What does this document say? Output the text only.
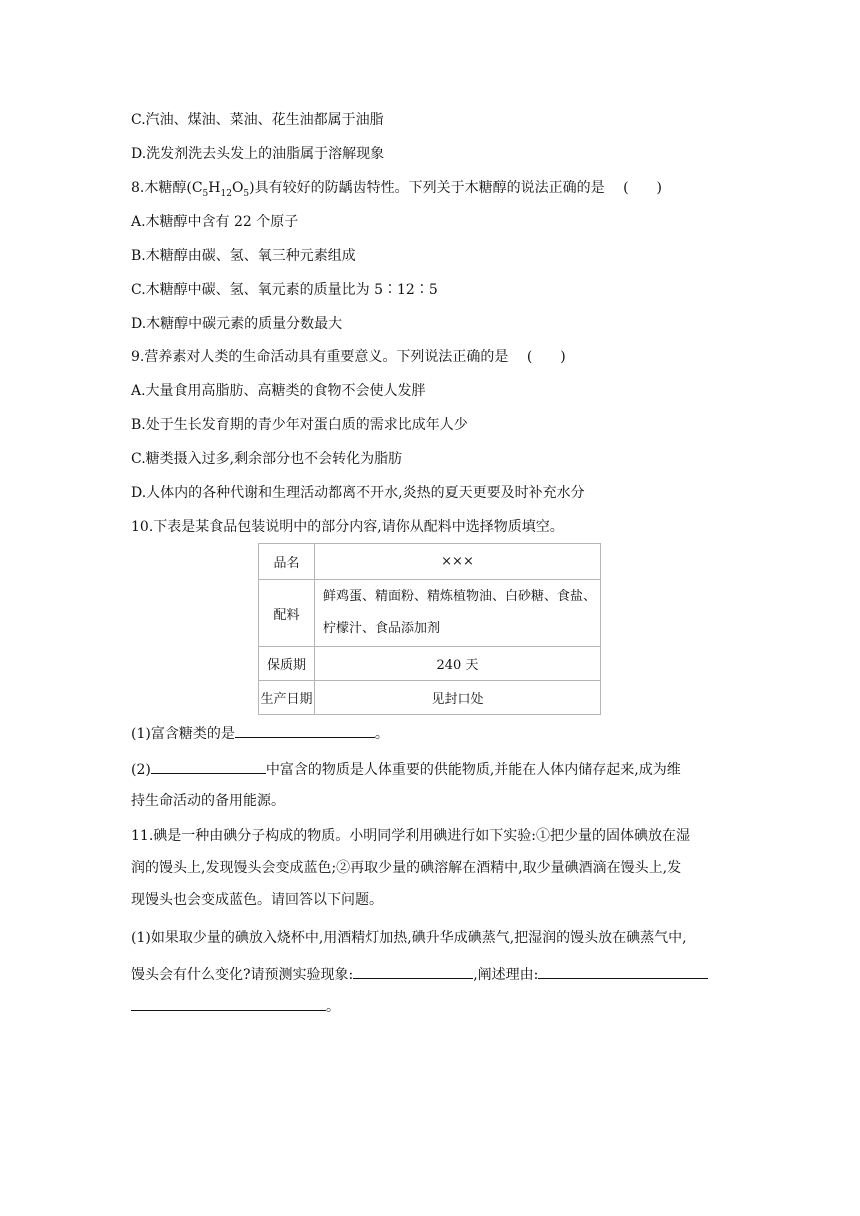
C.汽油、煤油、菜油、花生油都属于油脂
D.洗发剂洗去头发上的油脂属于溶解现象
8.木糖醇$(C_5H_{12}O_5)$具有较好的防龋齿特性。下列关于木糖醇的说法正确的是 (　　)
A.木糖醇中含有 22 个原子
B.木糖醇由碳、氢、氧三种元素组成
C.木糖醇中碳、氢、氧元素的质量比为 5∶12∶5
D.木糖醇中碳元素的质量分数最大
9.营养素对人类的生命活动具有重要意义。下列说法正确的是 (　　)
A.大量食用高脂肪、高糖类的食物不会使人发胖
B.处于生长发育期的青少年对蛋白质的需求比成年人少
C.糖类摄入过多,剩余部分也不会转化为脂肪
D.人体内的各种代谢和生理活动都离不开水,炎热的夏天更要及时补充水分
10.下表是某食品包装说明中的部分内容,请你从配料中选择物质填空。
品名	×××
配料	鲜鸡蛋、精面粉、精炼植物油、白砂糖、食盐、
柠檬汁、食品添加剂

保质期	240 天
生产日期	见封口处
(1)富含糖类的是	。
(2)	中富含的物质是人体重要的供能物质,并能在人体内储存起来,成为维
持生命活动的备用能源。
11.碘是一种由碘分子构成的物质。小明同学利用碘进行如下实验:①把少量的固体碘放在湿
润的馒头上,发现馒头会变成蓝色;②再取少量的碘溶解在酒精中,取少量碘酒滴在馒头上,发
现馒头也会变成蓝色。请回答以下问题。
(1)如果取少量的碘放入烧杯中,用酒精灯加热,碘升华成碘蒸气,把湿润的馒头放在碘蒸气中,
馒头会有什么变化?请预测实验现象:	,阐述理由:
。
